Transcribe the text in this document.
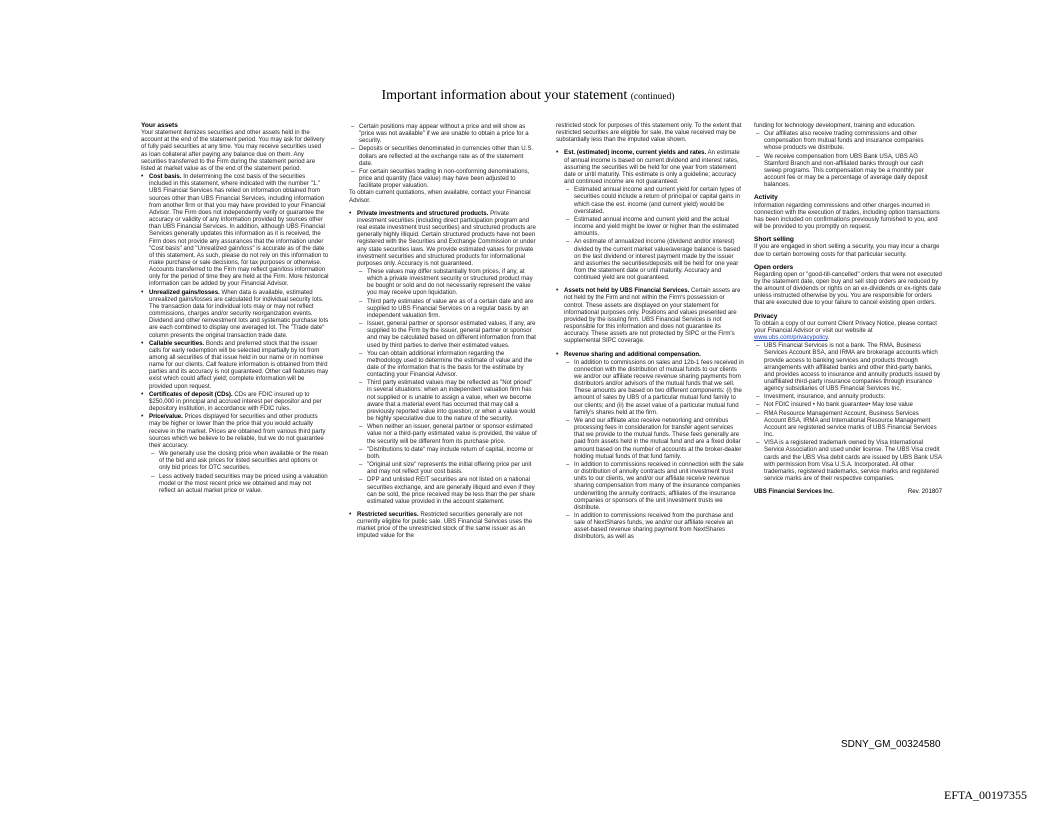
Important information about your statement (continued)
Your assets
Your statement itemizes securities and other assets held in the account at the end of the statement period. You may ask for delivery of fully paid securities at any time. You may receive securities used as loan collateral after paying any balance due on them. Any securities transferred to the Firm during the statement period are listed at market value as of the end of the statement period.
• Cost basis. In determining the cost basis of the securities included in this statement, where indicated with the number "1," UBS Financial Services has relied on information obtained from sources other than UBS Financial Services, including information from another firm or that you may have provided to your Financial Advisor. The Firm does not independently verify or guarantee the accuracy or validity of any information provided by sources other than UBS Financial Services. In addition, although UBS Financial Services generally updates this information as it is received, the Firm does not provide any assurances that the information under "Cost basis" and "Unrealized gain/loss" is accurate as of the date of this statement. As such, please do not rely on this information to make purchase or sale decisions, for tax purposes or otherwise. Accounts transferred to the Firm may reflect gain/loss information only for the period of time they are held at the Firm. More historical information can be added by your Financial Advisor.
• Unrealized gains/losses. When data is available, estimated unrealized gains/losses are calculated for individual security lots. The transaction data for individual lots may or may not reflect commissions, charges and/or security reorganization events. Dividend and other reinvestment lots and systematic purchase lots are each combined to display one averaged lot. The "Trade date" column presents the original transaction trade date.
• Callable securities. Bonds and preferred stock that the issuer calls for early redemption will be selected impartially by lot from among all securities of that issue held in our name or in nominee name for our clients. Call feature information is obtained from third parties and its accuracy is not guaranteed. Other call features may exist which could affect yield; complete information will be provided upon request.
• Certificates of deposit (CDs). CDs are FDIC insured up to $250,000 in principal and accrued interest per depositor and per depository institution, in accordance with FDIC rules.
• Price/value. Prices displayed for securities and other products may be higher or lower than the price that you would actually receive in the market. Prices are obtained from various third party sources which we believe to be reliable, but we do not guarantee their accuracy.
– We generally use the closing price when available or the mean of the bid and ask prices for listed securities and options or only bid prices for OTC securities.
– Less actively traded securities may be priced using a valuation model or the most recent price we obtained and may not reflect an actual market price or value.
– Certain positions may appear without a price and will show as "price was not available" if we are unable to obtain a price for a security.
– Deposits or securities denominated in currencies other than U.S. dollars are reflected at the exchange rate as of the statement date.
– For certain securities trading in non-conforming denominations, price and quantity (face value) may have been adjusted to facilitate proper valuation.
To obtain current quotations, when available, contact your Financial Advisor.
• Private investments and structured products. Private investment securities (including direct participation program and real estate investment trust securities) and structured products are generally highly illiquid. Certain structured products have not been registered with the Securities and Exchange Commission or under any state securities laws. We provide estimated values for private investment securities and structured products for informational purposes only. Accuracy is not guaranteed.
– These values may differ substantially from prices, if any, at which a private investment security or structured product may be bought or sold and do not necessarily represent the value you may receive upon liquidation.
– Third party estimates of value are as of a certain date and are supplied to UBS Financial Services on a regular basis by an independent valuation firm.
– Issuer, general partner or sponsor estimated values, if any, are supplied to the Firm by the issuer, general partner or sponsor and may be calculated based on different information from that used by third parties to derive their estimated values.
– You can obtain additional information regarding the methodology used to determine the estimate of value and the date of the information that is the basis for the estimate by contacting your Financial Advisor.
– Third party estimated values may be reflected as "Not priced" in several situations: when an independent valuation firm has not supplied or is unable to assign a value, when we become aware that a material event has occurred that may call a previously reported value into question, or when a value would be highly speculative due to the nature of the security.
– When neither an issuer, general partner or sponsor estimated value nor a third-party estimated value is provided, the value of the security will be different from its purchase price.
– "Distributions to date" may include return of capital, income or both.
– "Original unit size" represents the initial offering price per unit and may not reflect your cost basis.
– DPP and unlisted REIT securities are not listed on a national securities exchange, and are generally illiquid and even if they can be sold, the price received may be less than the per share estimated value provided in the account statement.
• Restricted securities. Restricted securities generally are not currently eligible for public sale. UBS Financial Services uses the market price of the unrestricted stock of the same issuer as an imputed value for the
restricted stock for purposes of this statement only. To the extent that restricted securities are eligible for sale, the value received may be substantially less than the imputed value shown.
• Est. (estimated) income, current yields and rates. An estimate of annual income is based on current dividend and interest rates, assuming the securities will be held for one year from statement date or until maturity. This estimate is only a guideline; accuracy and continued income are not guaranteed.
– Estimated annual income and current yield for certain types of securities could include a return of principal or capital gains in which case the est. income (and current yield) would be overstated.
– Estimated annual income and current yield and the actual income and yield might be lower or higher than the estimated amounts.
– An estimate of annualized income (dividend and/or interest) divided by the current market value/average balance is based on the last dividend or interest payment made by the issuer and assumes the securities/deposits will be held for one year from the statement date or until maturity. Accuracy and continued yield are not guaranteed.
• Assets not held by UBS Financial Services. Certain assets are not held by the Firm and not within the Firm's possession or control. These assets are displayed on your statement for informational purposes only. Positions and values presented are provided by the issuing firm. UBS Financial Services is not responsible for this information and does not guarantee its accuracy. These assets are not protected by SIPC or the Firm's supplemental SIPC coverage.
• Revenue sharing and additional compensation.
– In addition to commissions on sales and 12b-1 fees received in connection with the distribution of mutual funds to our clients we and/or our affiliate receive revenue sharing payments from distributors and/or advisors of the mutual funds that we sell. These amounts are based on two different components: (i) the amount of sales by UBS of a particular mutual fund family to our clients; and (ii) the asset value of a particular mutual fund family's shares held at the firm.
– We and our affiliate also receive networking and omnibus processing fees in consideration for transfer agent services that we provide to the mutual funds. These fees generally are paid from assets held in the mutual fund and are a fixed dollar amount based on the number of accounts at the broker-dealer holding mutual funds of that fund family.
– In addition to commissions received in connection with the sale or distribution of annuity contracts and unit investment trust units to our clients, we and/or our affiliate receive revenue sharing compensation from many of the insurance companies underwriting the annuity contracts, affiliates of the insurance companies or sponsors of the unit investment trusts we distribute.
– In addition to commissions received from the purchase and sale of NextShares funds, we and/or our affiliate receive an asset-based revenue sharing payment from NextShares distributors, as well as
funding for technology development, training and education.
– Our affiliates also receive trading commissions and other compensation from mutual funds and insurance companies whose products we distribute.
– We receive compensation from UBS Bank USA, UBS AG Stamford Branch and non-affiliated banks through our cash sweep programs. This compensation may be a monthly per account fee or may be a percentage of average daily deposit balances.
Activity
Information regarding commissions and other charges incurred in connection with the execution of trades, including option transactions has been included on confirmations previously furnished to you, and will be provided to you promptly on request.
Short selling
If you are engaged in short selling a security, you may incur a charge due to certain borrowing costs for that particular security.
Open orders
Regarding open or "good-till-cancelled" orders that were not executed by the statement date, open buy and sell stop orders are reduced by the amount of dividends or rights on an ex-dividends or ex-rights date unless instructed otherwise by you. You are responsible for orders that are executed due to your failure to cancel existing open orders.
Privacy
To obtain a copy of our current Client Privacy Notice, please contact your Financial Advisor or visit our website at www.ubs.com/privacypolicy.
– UBS Financial Services is not a bank. The RMA, Business Services Account BSA, and IRMA are brokerage accounts which provide access to banking services and products through arrangements with affiliated banks and other third-party banks, and provides access to insurance and annuity products issued by unaffiliated third-party insurance companies through insurance agency subsidiaries of UBS Financial Services Inc.
– Investment, insurance, and annuity products:
– Not FDIC insured • No bank guarantee• May lose value
– RMA Resource Management Account, Business Services Account BSA, IRMA and International Resource Management Account are registered service marks of UBS Financial Services Inc.
– VISA is a registered trademark owned by Visa International Service Association and used under license. The UBS Visa credit cards and the UBS Visa debit cards are issued by UBS Bank USA with permission from Visa U.S.A. Incorporated. All other trademarks, registered trademarks, service marks and registered service marks are of their respective companies.
UBS Financial Services Inc.	Rev. 201807
SDNY_GM_00324580
EFTA_00197355
